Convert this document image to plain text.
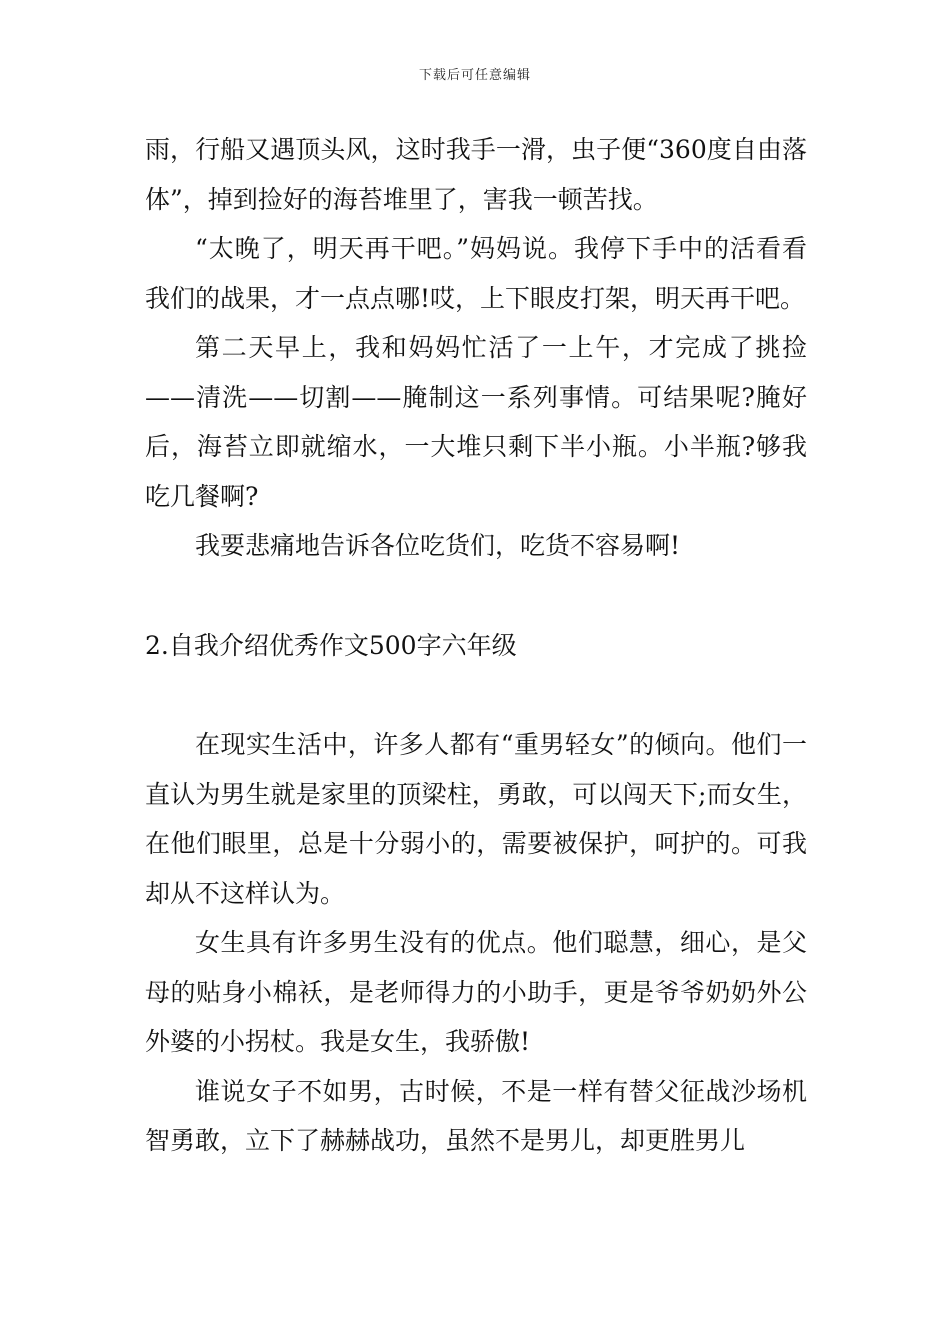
下载后可任意编辑

雨，行船又遇顶头风，这时我手一滑，虫子便“360度自由落体”，掉到捡好的海苔堆里了，害我一顿苦找。

“太晚了，明天再干吧。”妈妈说。我停下手中的活看看我们的战果，才一点点哪!哎，上下眼皮打架，明天再干吧。

第二天早上，我和妈妈忙活了一上午，才完成了挑捡——清洗——切割——腌制这一系列事情。可结果呢?腌好后，海苔立即就缩水，一大堆只剩下半小瓶。小半瓶?够我吃几餐啊?

我要悲痛地告诉各位吃货们，吃货不容易啊!

2.自我介绍优秀作文500字六年级

在现实生活中，许多人都有“重男轻女”的倾向。他们一直认为男生就是家里的顶梁柱，勇敢，可以闯天下;而女生，在他们眼里，总是十分弱小的，需要被保护，呵护的。可我却从不这样认为。

女生具有许多男生没有的优点。他们聪慧，细心，是父母的贴身小棉袄，是老师得力的小助手，更是爷爷奶奶外公外婆的小拐杖。我是女生，我骄傲!

谁说女子不如男，古时候，不是一样有替父征战沙场机智勇敢，立下了赫赫战功，虽然不是男儿，却更胜男儿
